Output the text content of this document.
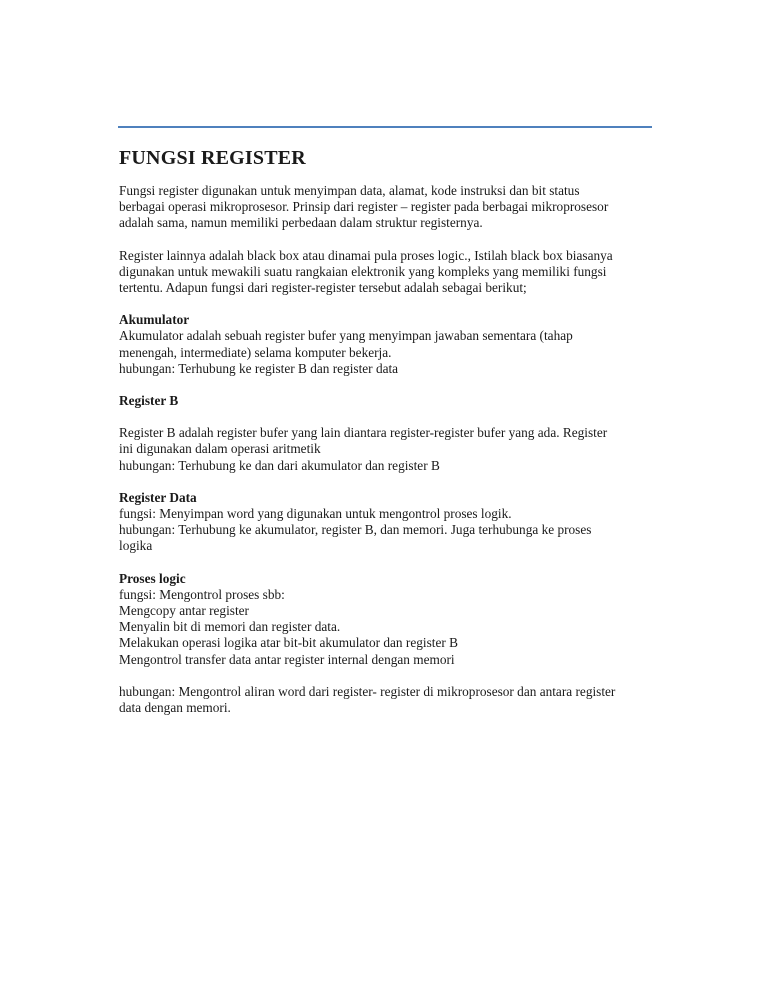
FUNGSI REGISTER
Fungsi register digunakan untuk menyimpan data, alamat, kode instruksi dan bit status
berbagai operasi mikroprosesor. Prinsip dari register – register pada berbagai mikroprosesor
adalah sama, namun memiliki perbedaan dalam struktur registernya.
Register lainnya adalah black box atau dinamai pula proses logic., Istilah black box biasanya
digunakan untuk mewakili suatu rangkaian elektronik yang kompleks yang memiliki fungsi
tertentu. Adapun fungsi dari register-register tersebut adalah sebagai berikut;
Akumulator
Akumulator adalah sebuah register bufer yang menyimpan jawaban sementara (tahap
menengah, intermediate) selama komputer bekerja.
hubungan: Terhubung ke register B dan register data
Register B
Register B adalah register bufer yang lain diantara register-register bufer yang ada. Register
ini digunakan dalam operasi aritmetik
hubungan: Terhubung ke dan dari akumulator dan register B
Register Data
fungsi: Menyimpan word yang digunakan untuk mengontrol proses logik.
hubungan: Terhubung ke akumulator, register B, dan memori. Juga terhubunga ke proses
logika
Proses logic
fungsi: Mengontrol proses sbb:
Mengcopy antar register
Menyalin bit di memori dan register data.
Melakukan operasi logika atar bit-bit akumulator dan register B
Mengontrol transfer data antar register internal dengan memori
hubungan: Mengontrol aliran word dari register- register di mikroprosesor dan antara register
data dengan memori.
